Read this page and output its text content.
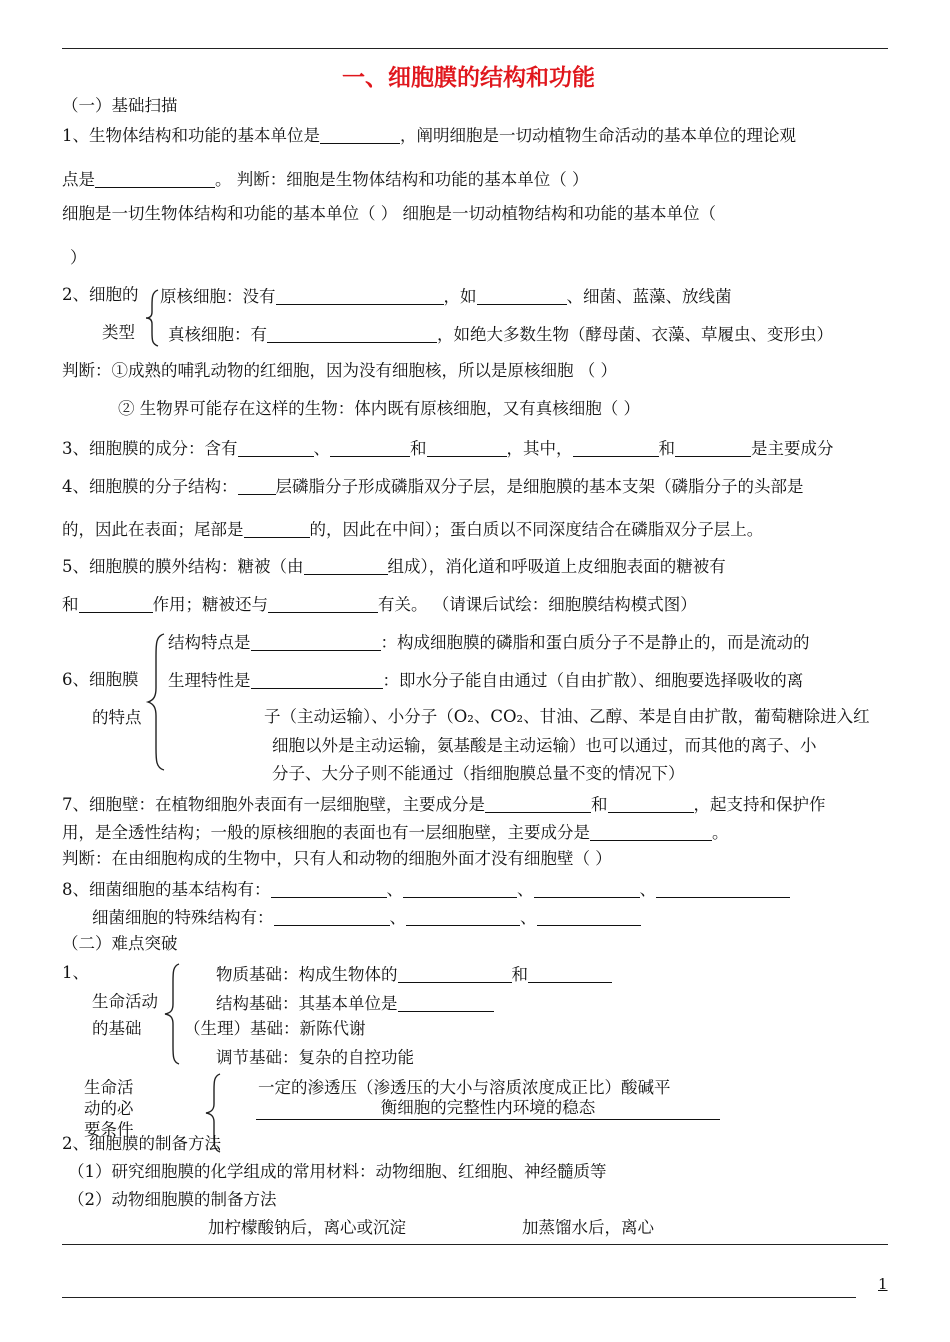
一、细胞膜的结构和功能
（一）基础扫描
1、生物体结构和功能的基本单位是	，阐明细胞是一切动植物生命活动的基本单位的理论观
点是	。 判断：细胞是生物体结构和功能的基本单位（ ）
细胞是一切生物体结构和功能的基本单位（ ） 细胞是一切动植物结构和功能的基本单位（
）
2、细胞的
类型
原核细胞：没有	，如	、细菌、蓝藻、放线菌
真核细胞：有	，如绝大多数生物（酵母菌、衣藻、草履虫、变形虫）
判断：①成熟的哺乳动物的红细胞，因为没有细胞核，所以是原核细胞 （ ）
② 生物界可能存在这样的生物：体内既有原核细胞，又有真核细胞（ ）
3、细胞膜的成分：含有	、	和	，其中，	和	是主要成分
4、细胞膜的分子结构： 层磷脂分子形成磷脂双分子层，是细胞膜的基本支架（磷脂分子的头部是
的，因此在表面；尾部是	的，因此在中间）；蛋白质以不同深度结合在磷脂双分子层上。
5、细胞膜的膜外结构：糖被（由	组成），消化道和呼吸道上皮细胞表面的糖被有
和	作用；糖被还与	有关。 （请课后试绘：细胞膜结构模式图）
6、细胞膜
的特点
结构特点是	：构成细胞膜的磷脂和蛋白质分子不是静止的，而是流动的
生理特性是	：即水分子能自由通过（自由扩散）、细胞要选择吸收的离
子（主动运输）、小分子（O₂、CO₂、甘油、乙醇、苯是自由扩散，葡萄糖除进入红
细胞以外是主动运输，氨基酸是主动运输）也可以通过，而其他的离子、小
分子、大分子则不能通过（指细胞膜总量不变的情况下）
7、细胞壁：在植物细胞外表面有一层细胞壁，主要成分是	和	，起支持和保护作
用，是全透性结构；一般的原核细胞的表面也有一层细胞壁，主要成分是	。
判断：在由细胞构成的生物中，只有人和动物的细胞外面才没有细胞壁（ ）
8、细菌细胞的基本结构有：	、	、	、
细菌细胞的特殊结构有：	、	、
（二）难点突破
1、
生命活动
的基础
物质基础：构成生物体的	和
结构基础：其基本单位是
（生理）基础：新陈代谢
调节基础：复杂的自控功能
生命活
动的必
要条件
一定的渗透压（渗透压的大小与溶质浓度成正比）酸碱平
衡细胞的完整性内环境的稳态
2、细胞膜的制备方法
（1）研究细胞膜的化学组成的常用材料：动物细胞、红细胞、神经髓质等
（2）动物细胞膜的制备方法
加柠檬酸钠后，离心或沉淀	加蒸馏水后，离心
1
